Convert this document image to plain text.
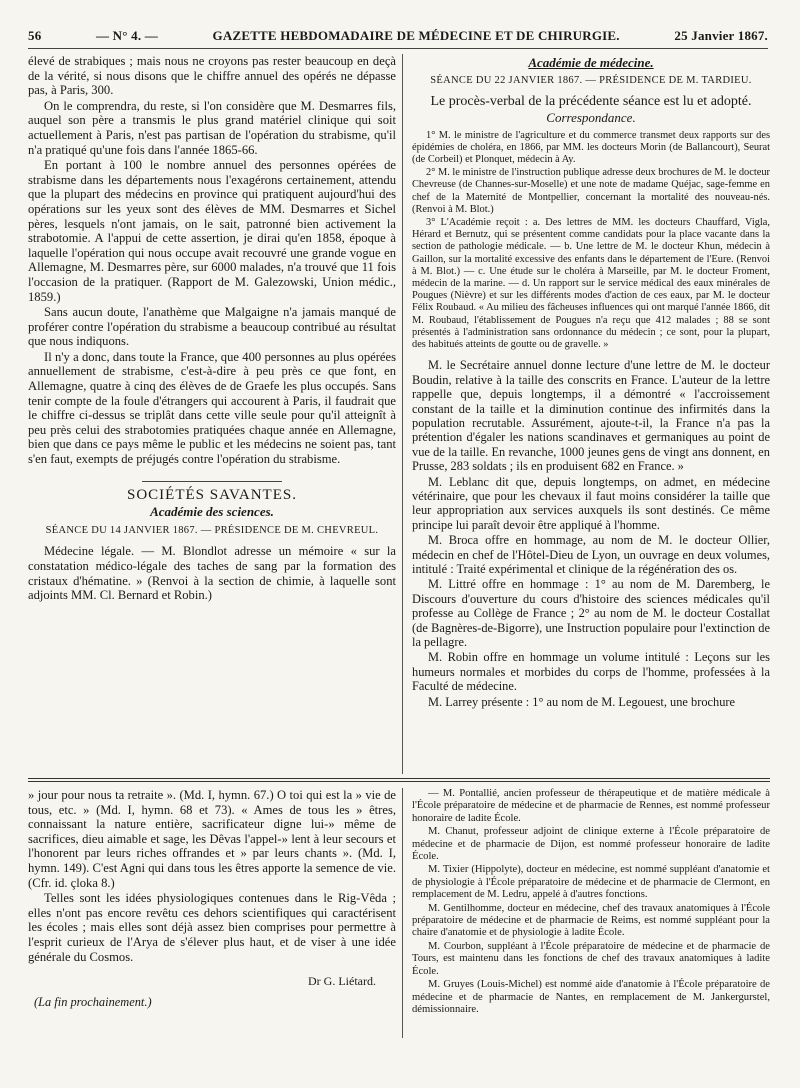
56	— N° 4. —	GAZETTE HEBDOMADAIRE DE MÉDECINE ET DE CHIRURGIE.	25 Janvier 1867.

élevé de strabiques ; mais nous ne croyons pas rester beaucoup en deçà de la vérité, si nous disons que le chiffre annuel des opérés ne dépasse pas, à Paris, 300.

On le comprendra, du reste, si l'on considère que M. Desmarres fils, auquel son père a transmis le plus grand matériel clinique qui soit actuellement à Paris, n'est pas partisan de l'opération du strabisme, qu'il n'a pratiqué qu'une fois dans l'année 1865-66.

En portant à 100 le nombre annuel des personnes opérées de strabisme dans les départements nous l'exagérons certainement, attendu que la plupart des médecins en province qui pratiquent aujourd'hui des opérations sur les yeux sont des élèves de MM. Desmarres et Sichel pères, lesquels n'ont jamais, on le sait, patronné bien activement la strabotomie. A l'appui de cette assertion, je dirai qu'en 1858, époque à laquelle l'opération qui nous occupe avait recouvré une grande vogue en Allemagne, M. Desmarres père, sur 6000 malades, n'a trouvé que 11 fois l'occasion de la pratiquer. (Rapport de M. Galezowski, Union médic., 1859.)

Sans aucun doute, l'anathème que Malgaigne n'a jamais manqué de proférer contre l'opération du strabisme a beaucoup contribué au résultat que nous indiquons.

Il n'y a donc, dans toute la France, que 400 personnes au plus opérées annuellement de strabisme, c'est-à-dire à peu près ce que font, en Allemagne, quatre à cinq des élèves de de Graefe les plus occupés. Sans tenir compte de la foule d'étrangers qui accourent à Paris, il faudrait que le chiffre ci-dessus se triplât dans cette ville seule pour qu'il atteignît à peu près celui des strabotomies pratiquées chaque année en Allemagne, bien que dans ce pays même le public et les médecins ne soient pas, tant s'en faut, exempts de préjugés contre l'opération du strabisme.

SOCIÉTÉS SAVANTES.
Académie des sciences.
SÉANCE DU 14 JANVIER 1867. — PRÉSIDENCE DE M. CHEVREUL.

Médecine légale. — M. Blondlot adresse un mémoire « sur la constatation médico-légale des taches de sang par la formation des cristaux d'hématine. » (Renvoi à la section de chimie, à laquelle sont adjoints MM. Cl. Bernard et Robin.)

Académie de médecine.
SÉANCE DU 22 JANVIER 1867. — PRÉSIDENCE DE M. TARDIEU.

Le procès-verbal de la précédente séance est lu et adopté.

Correspondance.

1° M. le ministre de l'agriculture et du commerce transmet deux rapports sur des épidémies de choléra, en 1866, par MM. les docteurs Morin (de Ballancourt), Seurat (de Corbeil) et Plonquet, médecin à Ay.

2° M. le ministre de l'instruction publique adresse deux brochures de M. le docteur Chevreuse (de Channes-sur-Moselle) et une note de madame Quéjac, sage-femme en chef de la Maternité de Montpellier, concernant la mortalité des nouveau-nés. (Renvoi à M. Blot.)

3° L'Académie reçoit : a. Des lettres de MM. les docteurs Chauffard, Vigla, Hérard et Bernutz, qui se présentent comme candidats pour la place vacante dans la section de pathologie médicale. — b. Une lettre de M. le docteur Khun, médecin à Gaillon, sur la mortalité excessive des enfants dans le département de l'Eure. (Renvoi à M. Blot.) — c. Une étude sur le choléra à Marseille, par M. le docteur Froment, médecin de la marine. — d. Un rapport sur le service médical des eaux minérales de Pougues (Nièvre) et sur les différents modes d'action de ces eaux, par M. le docteur Félix Roubaud. « Au milieu des fâcheuses influences qui ont marqué l'année 1866, dit M. Roubaud, l'établissement de Pougues n'a reçu que 412 malades ; 88 se sont présentés à l'administration sans ordonnance du médecin ; ce sont, pour la plupart, des habitués atteints de goutte ou de gravelle. »

M. le Secrétaire annuel donne lecture d'une lettre de M. le docteur Boudin, relative à la taille des conscrits en France. L'auteur de la lettre rappelle que, depuis longtemps, il a démontré « l'accroissement constant de la taille et la diminution continue des infirmités dans la population recrutable. Assurément, ajoute-t-il, la France n'a pas la prétention d'égaler les nations scandinaves et germaniques au point de vue de la taille. En revanche, 1000 jeunes gens de vingt ans donnent, en Prusse, 283 soldats ; ils en produisent 682 en France. »

M. Leblanc dit que, depuis longtemps, on admet, en médecine vétérinaire, que pour les chevaux il faut moins considérer la taille que leur appropriation aux services auxquels ils sont destinés. Ce même principe lui paraît devoir être appliqué à l'homme.

M. Broca offre en hommage, au nom de M. le docteur Ollier, médecin en chef de l'Hôtel-Dieu de Lyon, un ouvrage en deux volumes, intitulé : Traité expérimental et clinique de la régénération des os.

M. Littré offre en hommage : 1° au nom de M. Daremberg, le Discours d'ouverture du cours d'histoire des sciences médicales qu'il professe au Collège de France ; 2° au nom de M. le docteur Costallat (de Bagnères-de-Bigorre), une Instruction populaire pour l'extinction de la pellagre.

M. Robin offre en hommage un volume intitulé : Leçons sur les humeurs normales et morbides du corps de l'homme, professées à la Faculté de médecine.

M. Larrey présente : 1° au nom de M. Legouest, une brochure

» jour pour nous ta retraite ». (Md. I, hymn. 67.) O toi qui est la » vie de tous, etc. » (Md. I, hymn. 68 et 73). « Ames de tous les » êtres, connaissant la nature entière, sacrificateur digne lui-» même de sacrifices, dieu aimable et sage, les Dêvas l'appel-» lent à leur secours et l'honorent par leurs riches offrandes et » par leurs chants ». (Md. I, hymn. 149). C'est Agni qui dans tous les êtres apporte la semence de vie. (Cfr. id. çloka 8.)

Telles sont les idées physiologiques contenues dans le Rig-Vêda ; elles n'ont pas encore revêtu ces dehors scientifiques qui caractérisent les écoles ; mais elles sont déjà assez bien comprises pour permettre à l'esprit curieux de l'Arya de s'élever plus haut, et de viser à une idée générale du Cosmos.

Dr G. Liétard.
(La fin prochainement.)

— M. Pontallié, ancien professeur de thérapeutique et de matière médicale à l'École préparatoire de médecine et de pharmacie de Rennes, est nommé professeur honoraire de ladite École.

M. Chanut, professeur adjoint de clinique externe à l'École préparatoire de médecine et de pharmacie de Dijon, est nommé professeur honoraire de ladite École.

M. Tixier (Hippolyte), docteur en médecine, est nommé suppléant d'anatomie et de physiologie à l'École préparatoire de médecine et de pharmacie de Clermont, en remplacement de M. Ledru, appelé à d'autres fonctions.

M. Gentilhomme, docteur en médecine, chef des travaux anatomiques à l'École préparatoire de médecine et de pharmacie de Reims, est nommé suppléant pour la chaire d'anatomie et de physiologie à ladite École.

M. Courbon, suppléant à l'École préparatoire de médecine et de pharmacie de Tours, est maintenu dans les fonctions de chef des travaux anatomiques à ladite École.

M. Gruyes (Louis-Michel) est nommé aide d'anatomie à l'École préparatoire de médecine et de pharmacie de Nantes, en remplacement de M. Jankergurstel, démissionnaire.
